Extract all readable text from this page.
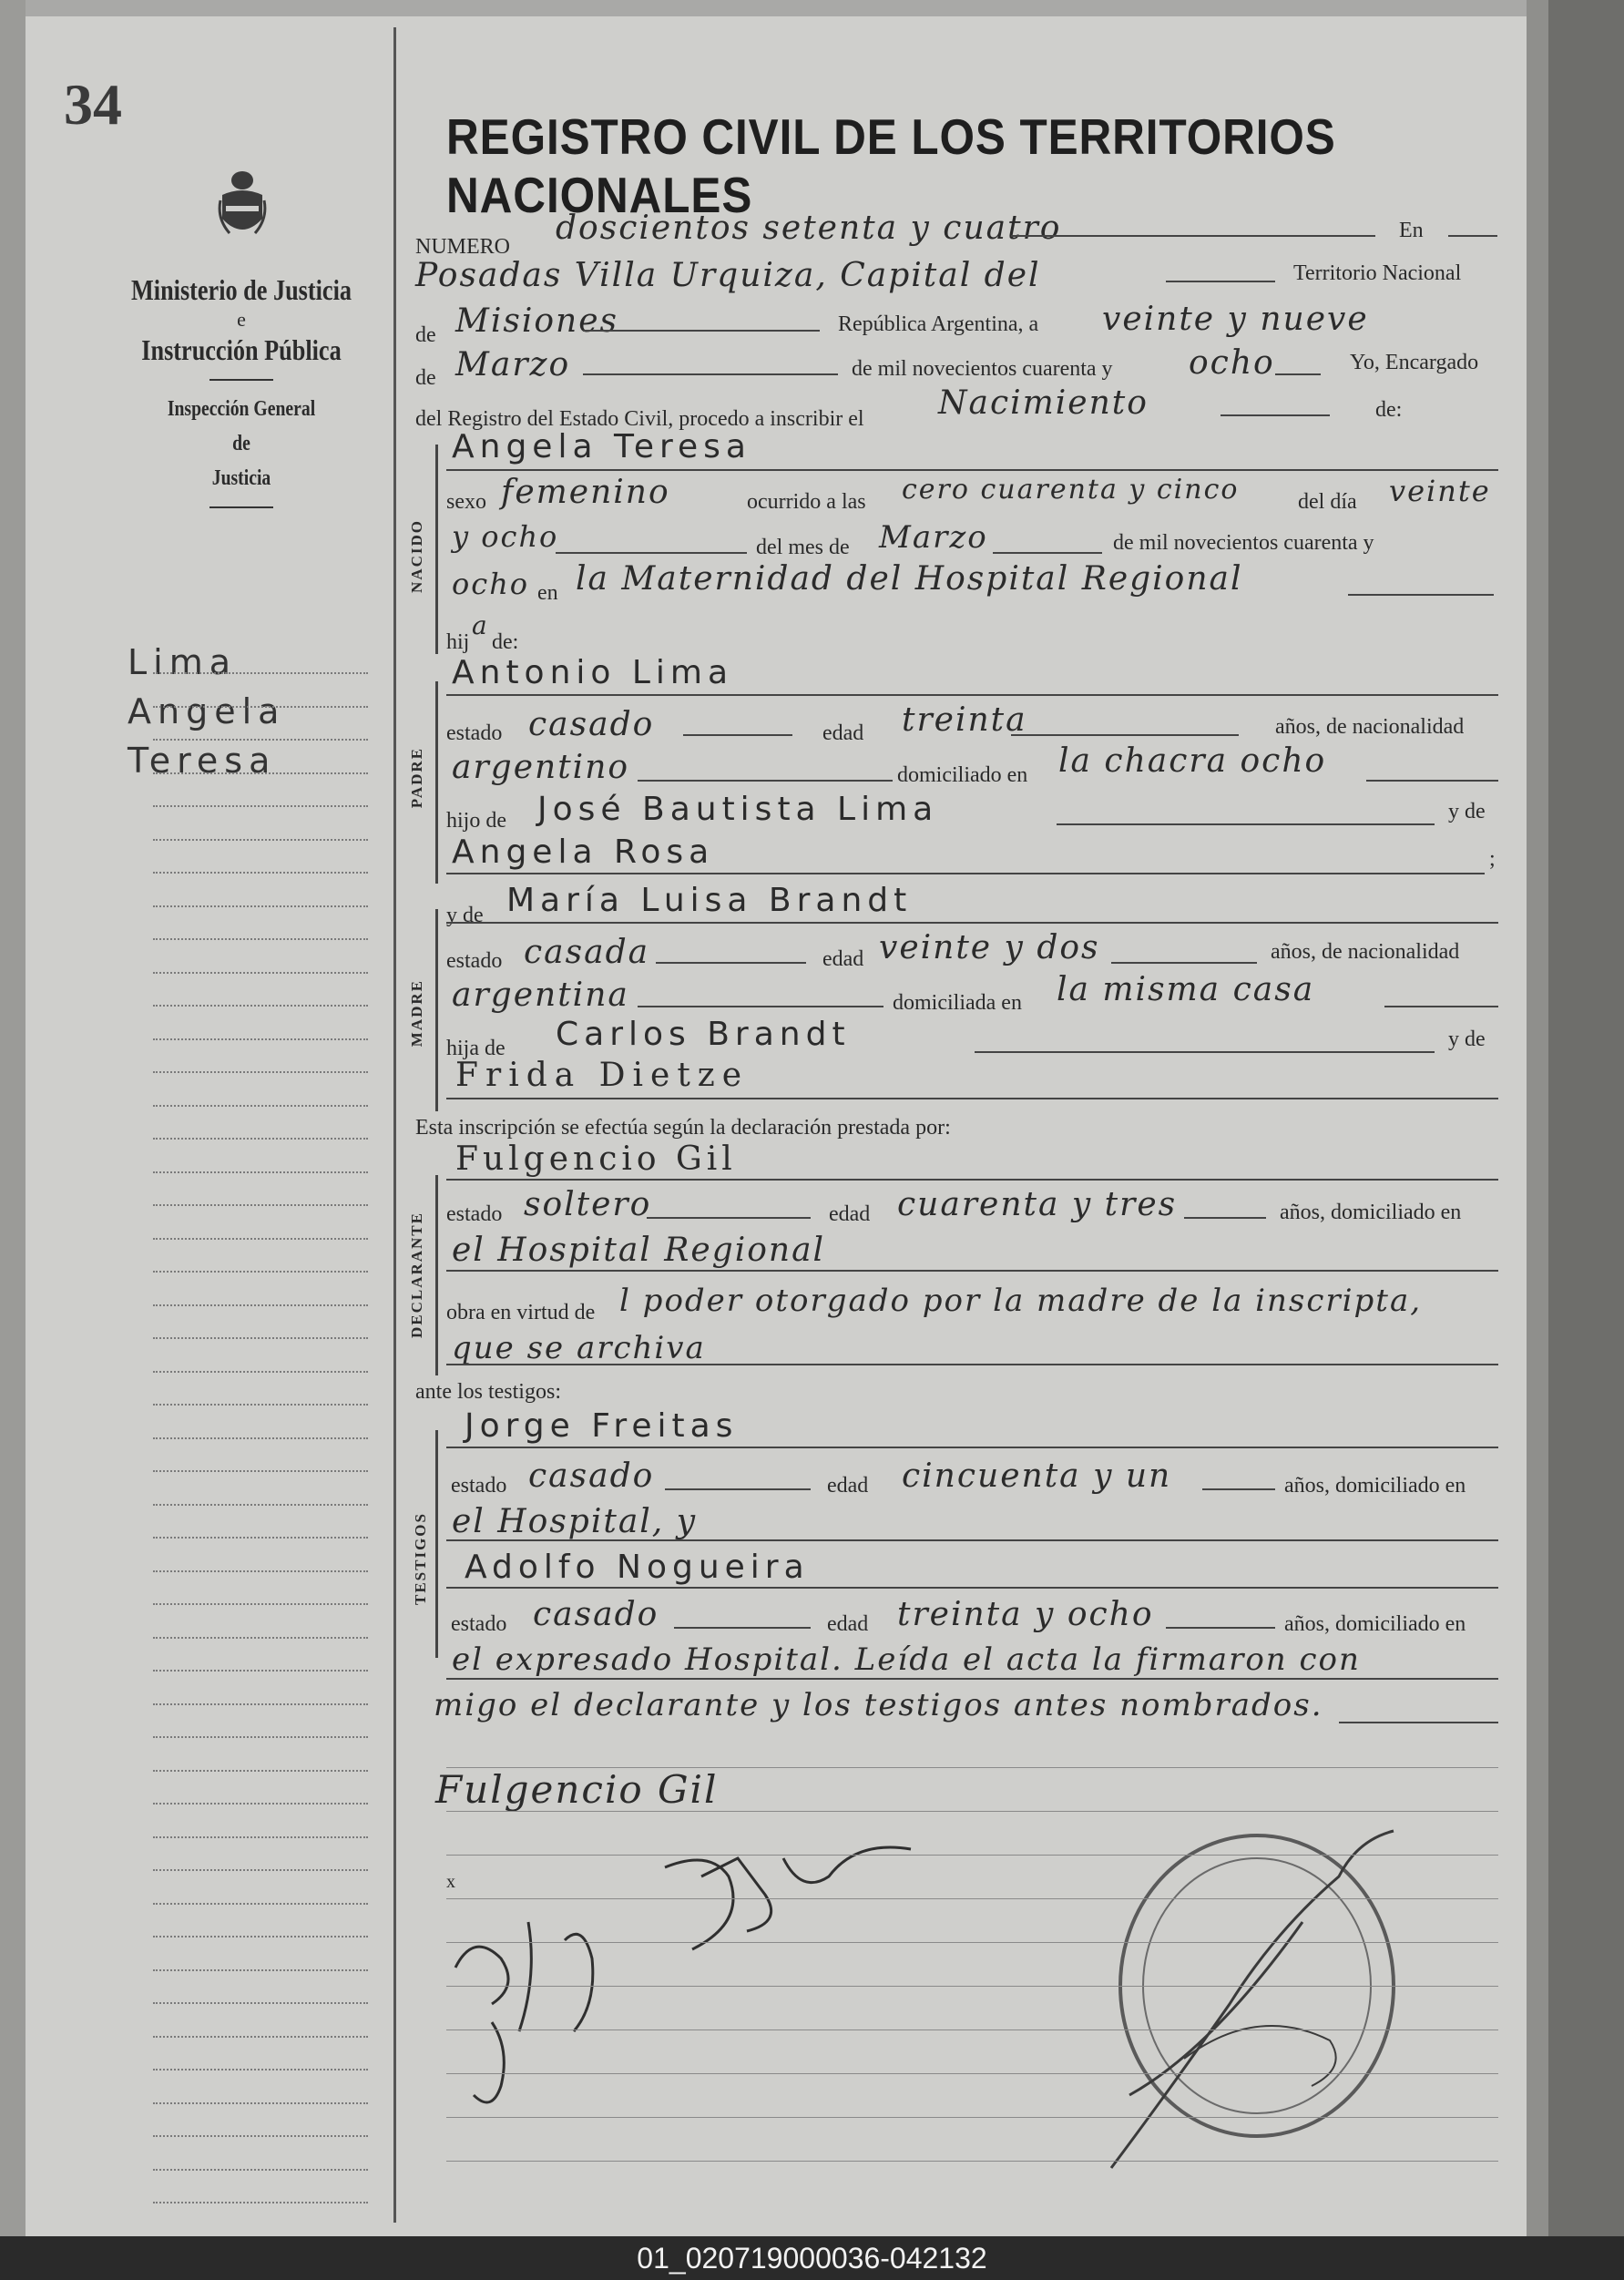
34
Ministerio de Justicia
e
Instrucción Pública
Inspección General
de
Justicia
Lima
Angela
Teresa
REGISTRO CIVIL DE LOS TERRITORIOS NACIONALES
NUMERO doscientos setenta y cuatro	En
Posadas Villa Urquiza, Capital del	Territorio Nacional
de Misiones	República Argentina, a veinte y nueve
de Marzo	de mil novecientos cuarenta y ocho	Yo, Encargado
del Registro del Estado Civil, procedo a inscribir el Nacimiento	de:
NACIDO
Angela Teresa
sexo femenino	ocurrido a las cero cuarenta y cinco	del día veinte
y ocho	del mes de Marzo	de mil novecientos cuarenta y
ocho en la Maternidad del Hospital Regional
hij
a
de:
PADRE
Antonio Lima
estado casado	edad treinta	años, de nacionalidad
argentino	domiciliado en la chacra ocho
hijo de José Bautista Lima	y de
Angela Rosa	;
MADRE
y de María Luisa Brandt
estado casada	edad veinte y dos	años, de nacionalidad
argentina	domiciliada en la misma casa
hija de Carlos Brandt	y de
Frida Dietze
Esta inscripción se efectúa según la declaración prestada por:
DECLARANTE
Fulgencio Gil
estado soltero	edad cuarenta y tres	años, domiciliado en
el Hospital Regional
obra en virtud de l poder otorgado por la madre de la inscripta,
que se archiva
ante los testigos:
TESTIGOS
Jorge Freitas
estado casado	edad cincuenta y un	años, domiciliado en
el Hospital, y
Adolfo Nogueira
estado casado	edad treinta y ocho	años, domiciliado en
el expresado Hospital. Leída el acta la firmaron con
migo el declarante y los testigos antes nombrados.
Fulgencio Gil
x
01_020719000036-042132
